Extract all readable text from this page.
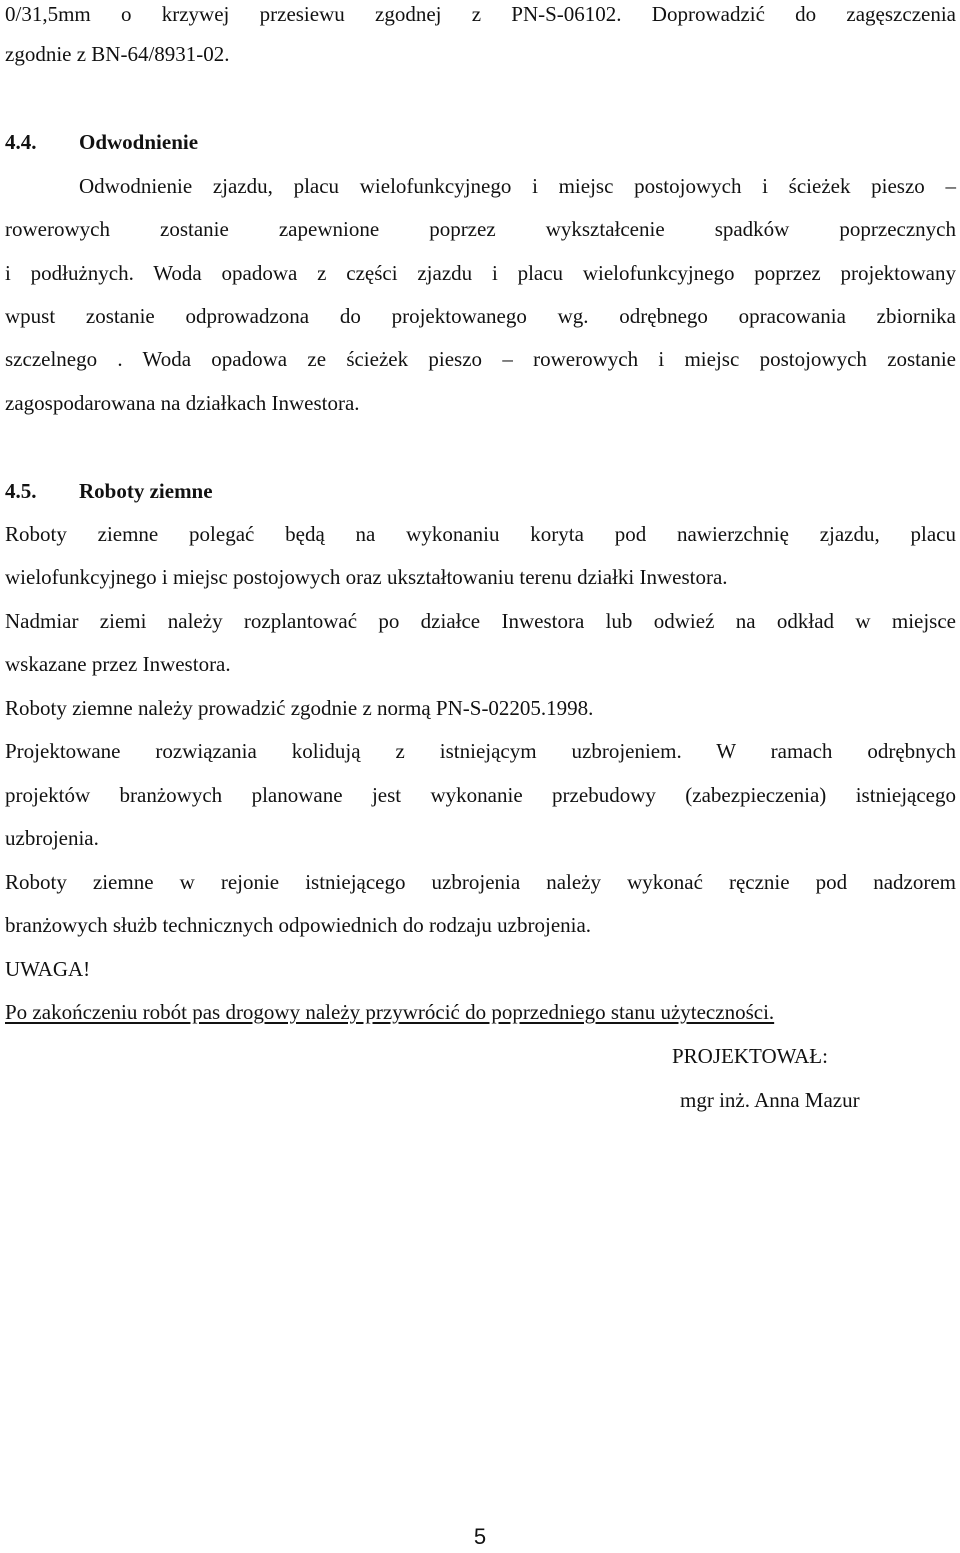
0/31,5mm o krzywej przesiewu zgodnej z PN-S-06102. Doprowadzić do zagęszczenia
zgodnie z BN-64/8931-02.
4.4. Odwodnienie
Odwodnienie zjazdu, placu wielofunkcyjnego i miejsc postojowych i ścieżek pieszo –
rowerowych zostanie zapewnione poprzez wykształcenie spadków poprzecznych
i podłużnych. Woda opadowa z części zjazdu i placu wielofunkcyjnego poprzez projektowany
wpust zostanie odprowadzona do projektowanego wg. odrębnego opracowania zbiornika
szczelnego . Woda opadowa ze ścieżek pieszo – rowerowych i miejsc postojowych zostanie
zagospodarowana na działkach Inwestora.
4.5. Roboty ziemne
Roboty ziemne polegać będą na wykonaniu koryta pod nawierzchnię zjazdu, placu
wielofunkcyjnego i miejsc postojowych oraz ukształtowaniu terenu działki Inwestora.
Nadmiar ziemi należy rozplantować po działce Inwestora lub odwieź na odkład w miejsce
wskazane przez Inwestora.
Roboty ziemne należy prowadzić zgodnie z normą PN-S-02205.1998.
Projektowane rozwiązania kolidują z istniejącym uzbrojeniem. W ramach odrębnych
projektów branżowych planowane jest wykonanie przebudowy (zabezpieczenia) istniejącego
uzbrojenia.
Roboty ziemne w rejonie istniejącego uzbrojenia należy wykonać ręcznie pod nadzorem
branżowych służb technicznych odpowiednich do rodzaju uzbrojenia.
UWAGA!
Po zakończeniu robót pas drogowy należy przywrócić do poprzedniego stanu użyteczności.
PROJEKTOWAŁ:
mgr inż. Anna Mazur
5
